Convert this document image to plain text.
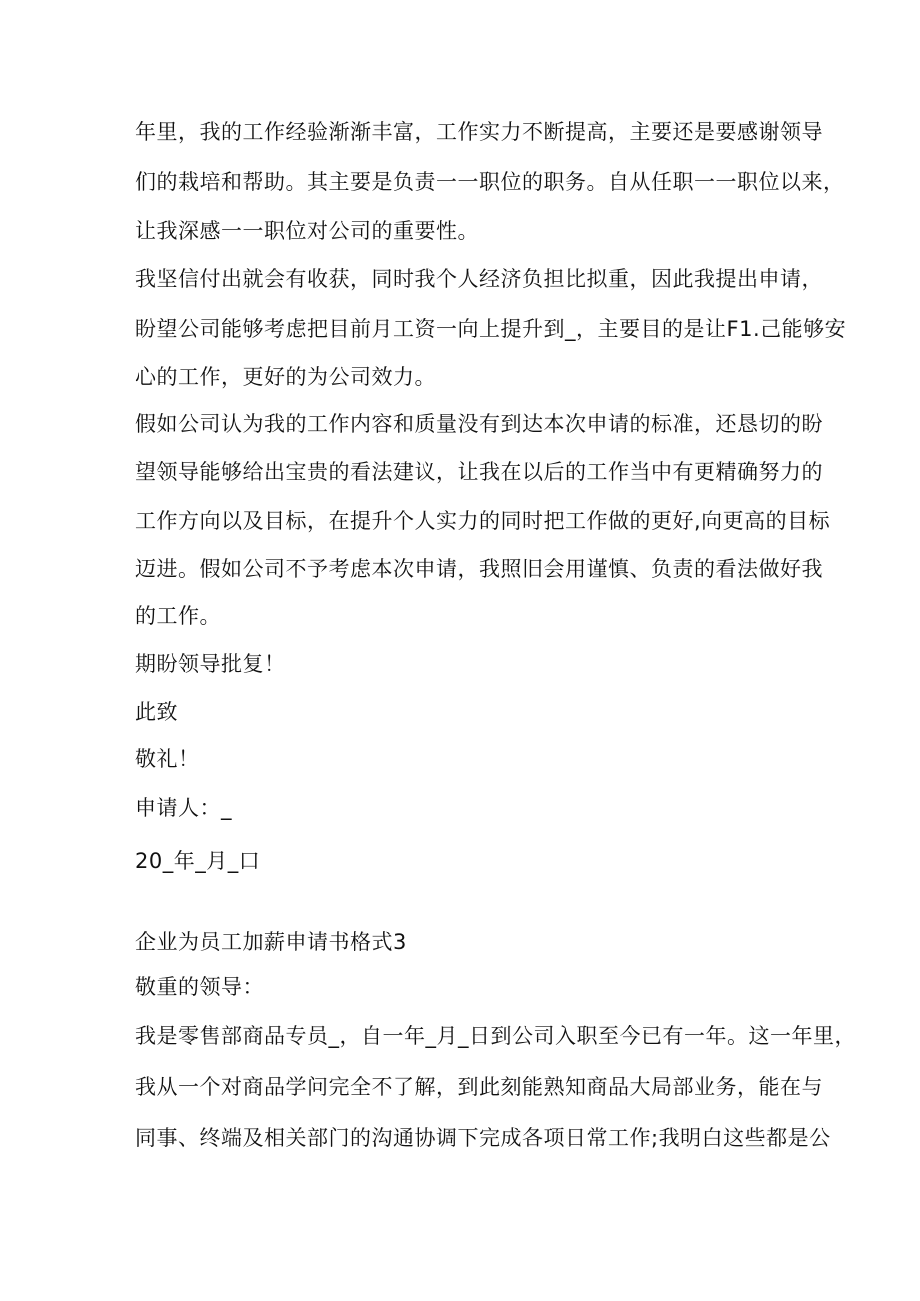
年里，我的工作经验渐渐丰富，工作实力不断提高，主要还是要感谢领导
们的栽培和帮助。其主要是负责一一职位的职务。自从任职一一职位以来，
让我深感一一职位对公司的重要性。
我坚信付出就会有收获，同时我个人经济负担比拟重，因此我提出申请，
盼望公司能够考虑把目前月工资一向上提升到_，主要目的是让F1.己能够安
心的工作，更好的为公司效力。
假如公司认为我的工作内容和质量没有到达本次申请的标准，还恳切的盼
望领导能够给出宝贵的看法建议，让我在以后的工作当中有更精确努力的
工作方向以及目标，在提升个人实力的同时把工作做的更好,向更高的目标
迈进。假如公司不予考虑本次申请，我照旧会用谨慎、负责的看法做好我
的工作。
期盼领导批复！
此致
敬礼！
申请人：_
20_年_月_口
企业为员工加薪申请书格式3
敬重的领导：
我是零售部商品专员_，自一年_月_日到公司入职至今已有一年。这一年里，
我从一个对商品学问完全不了解，到此刻能熟知商品大局部业务，能在与
同事、终端及相关部门的沟通协调下完成各项日常工作;我明白这些都是公
